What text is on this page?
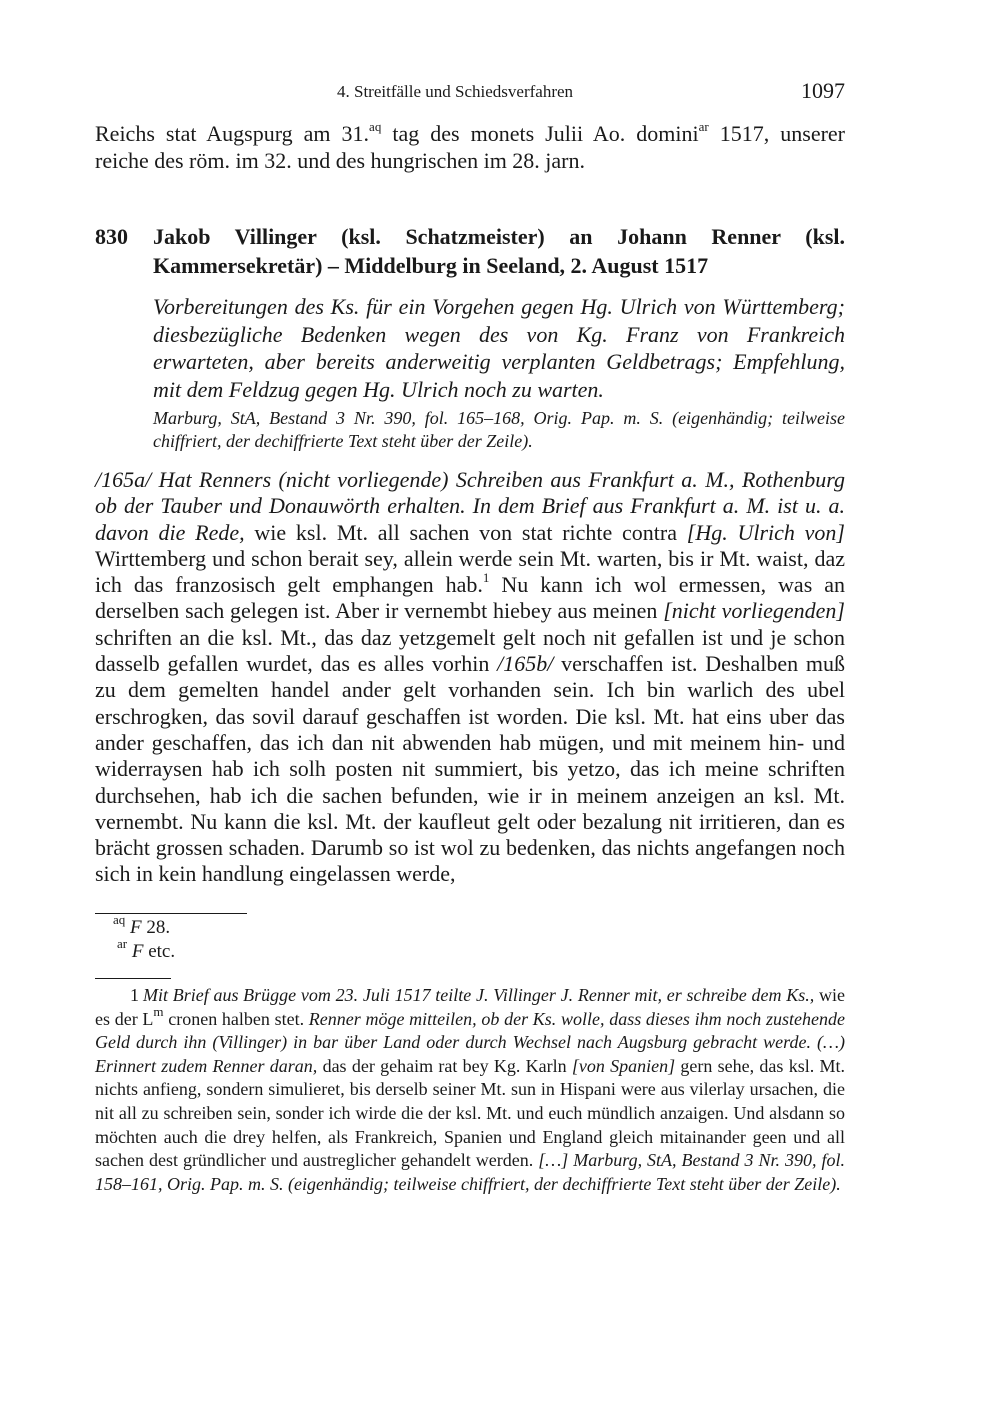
4. Streitfälle und Schiedsverfahren	1097
Reichs stat Augspurg am 31.$^{aq}$ tag des monets Julii Ao. domini$^{ar}$ 1517, unserer
reiche des röm. im 32. und des hungrischen im 28. jarn.
830 Jakob Villinger (ksl. Schatzmeister) an Johann Renner (ksl. Kammersekretär) – Middelburg in Seeland, 2. August 1517
Vorbereitungen des Ks. für ein Vorgehen gegen Hg. Ulrich von Württemberg; diesbezügliche Bedenken wegen des von Kg. Franz von Frankreich erwarteten, aber bereits anderweitig verplanten Geldbetrags; Empfehlung, mit dem Feldzug gegen Hg. Ulrich noch zu warten.
Marburg, StA, Bestand 3 Nr. 390, fol. 165–168, Orig. Pap. m. S. (eigenhändig; teilweise chiffriert, der dechiffrierte Text steht über der Zeile).
/165a/ Hat Renners (nicht vorliegende) Schreiben aus Frankfurt a. M., Rothenburg ob der Tauber und Donauwörth erhalten. In dem Brief aus Frankfurt a. M. ist u. a. davon die Rede, wie ksl. Mt. all sachen von stat richte contra [Hg. Ulrich von] Wirttemberg und schon berait sey, allein werde sein Mt. warten, bis ir Mt. waist, daz ich das franzosisch gelt emphangen hab.$^1$ Nu kann ich wol ermessen, was an derselben sach gelegen ist. Aber ir vernembt hiebey aus meinen [nicht vorliegenden] schriften an die ksl. Mt., das daz yetzgemelt gelt noch nit gefallen ist und je schon dasselb gefallen wurdet, das es alles vorhin /165b/ verschaffen ist. Deshalben muß zu dem gemelten handel ander gelt vorhanden sein. Ich bin warlich des ubel erschrogken, das sovil darauf geschaffen ist worden. Die ksl. Mt. hat eins uber das ander geschaffen, das ich dan nit abwenden hab mügen, und mit meinem hin- und widerraysen hab ich solh posten nit summiert, bis yetzo, das ich meine schriften durchsehen, hab ich die sachen befunden, wie ir in meinem anzeigen an ksl. Mt. vernembt. Nu kann die ksl. Mt. der kaufleut gelt oder bezalung nit irritieren, dan es brächt grossen schaden. Darumb so ist wol zu bedenken, das nichts angefangen noch sich in kein handlung eingelassen werde,
$^{aq}$ F 28.
$^{ar}$ F etc.
1 Mit Brief aus Brügge vom 23. Juli 1517 teilte J. Villinger J. Renner mit, er schreibe dem Ks., wie es der $L^m$ cronen halben stet. Renner möge mitteilen, ob der Ks. wolle, dass dieses ihm noch zustehende Geld durch ihn (Villinger) in bar über Land oder durch Wechsel nach Augsburg gebracht werde. (…) Erinnert zudem Renner daran, das der gehaim rat bey Kg. Karln [von Spanien] gern sehe, das ksl. Mt. nichts anfieng, sondern simulieret, bis derselb seiner Mt. sun in Hispani were aus vilerlay ursachen, die nit all zu schreiben sein, sonder ich wirde die der ksl. Mt. und euch mündlich anzaigen. Und alsdann so möchten auch die drey helfen, als Frankreich, Spanien und England gleich mitainander geen und all sachen dest gründlicher und austreglicher gehandelt werden. […] Marburg, StA, Bestand 3 Nr. 390, fol. 158–161, Orig. Pap. m. S. (eigenhändig; teilweise chiffriert, der dechiffrierte Text steht über der Zeile).
